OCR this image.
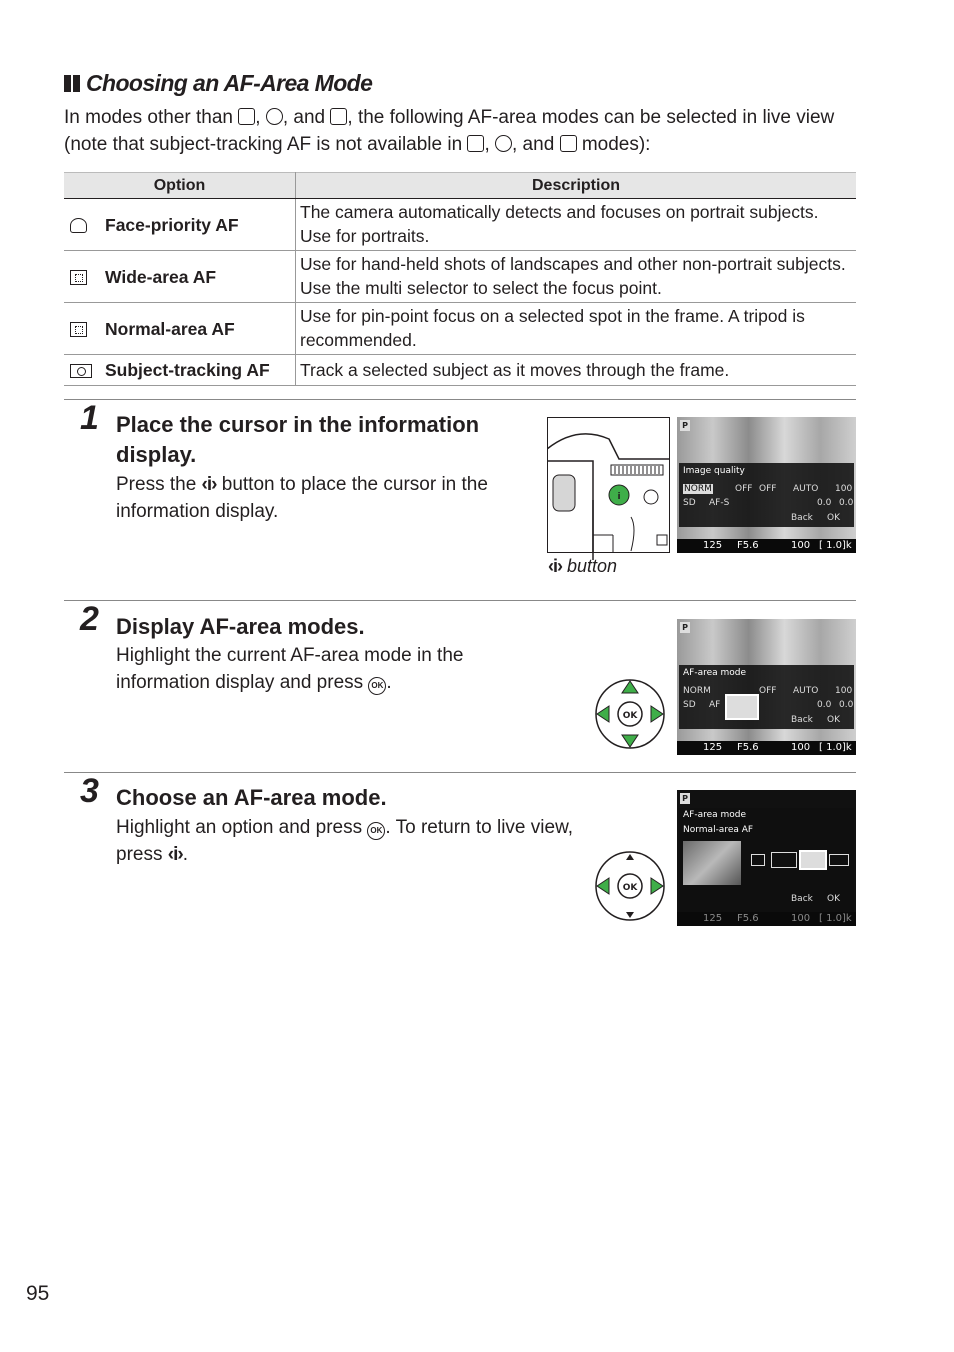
Choosing an AF-Area Mode
In modes other than , , and , the following AF-area modes can be selected in live view (note that subject-tracking AF is not available in , , and  modes):
Option	Description
Face-priority AF	The camera automatically detects and focuses on portrait subjects. Use for portraits.
Wide-area AF	Use for hand-held shots of landscapes and other non-portrait subjects. Use the multi selector to select the focus point.
Normal-area AF	Use for pin-point focus on a selected spot in the frame. A tripod is recommended.
Subject-tracking AF	Track a selected subject as it moves through the frame.
1 Place the cursor in the information display.
Press the ‹i› button to place the cursor in the information display.
i
‹i› button
P
Image quality
NORM	OFF OFF AUTO 100
SD AF-S	0.0 0.0
Back OK
125 F5.6	100 [ 1.0]k
2 Display AF-area modes.
Highlight the current AF-area mode in the information display and press OK .
OK
P
AF-area mode
NORM	OFF AUTO 100
SD AF	0.0 0.0
Back OK
125 F5.6	100 [ 1.0]k
3 Choose an AF-area mode.
Highlight an option and press OK . To return to live view, press ‹i›.
OK
P
AF-area mode
Normal-area AF
Back OK
125 F5.6	100 [ 1.0]k
95
